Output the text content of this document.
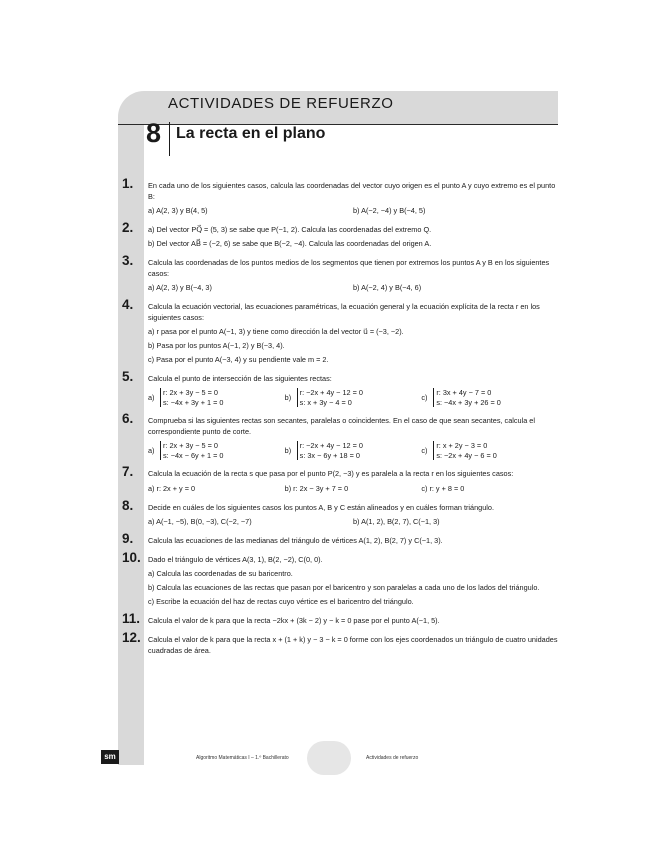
ACTIVIDADES DE REFUERZO
8 La recta en el plano
1.	En cada uno de los siguientes casos, calcula las coordenadas del vector cuyo origen es el punto A y cuyo extremo es el punto B:

a) A(2, 3) y B(4, 5)	b) A(−2, −4) y B(−4, 5)
2.	a) Del vector PQ⃗ = (5, 3) se sabe que P(−1, 2). Calcula las coordenadas del extremo Q.
b) Del vector AB⃗ = (−2, 6) se sabe que B(−2, −4). Calcula las coordenadas del origen A.
3.	Calcula las coordenadas de los puntos medios de los segmentos que tienen por extremos los puntos A y B en los siguientes casos:

a) A(2, 3) y B(−4, 3)	b) A(−2, 4) y B(−4, 6)
4.	Calcula la ecuación vectorial, las ecuaciones paramétricas, la ecuación general y la ecuación explícita de la recta r en los siguientes casos:

a) r pasa por el punto A(−1, 3) y tiene como dirección la del vector u⃗ = (−3, −2).
b) Pasa por los puntos A(−1, 2) y B(−3, 4).
c) Pasa por el punto A(−3, 4) y su pendiente vale m = 2.
5.	Calcula el punto de intersección de las siguientes rectas:

a)
r: 2x + 3y − 5 = 0
s: −4x + 3y + 1 = 0	b)
r: −2x + 4y − 12 = 0
s: x + 3y − 4 = 0	c)
r: 3x + 4y − 7 = 0
s: −4x + 3y + 26 = 0
6.	Comprueba si las siguientes rectas son secantes, paralelas o coincidentes. En el caso de que sean secantes, calcula el correspondiente punto de corte.

a)
r: 2x + 3y − 5 = 0
s: −4x − 6y + 1 = 0	b)
r: −2x + 4y − 12 = 0
s: 3x − 6y + 18 = 0	c)
r: x + 2y − 3 = 0
s: −2x + 4y − 6 = 0
7.	Calcula la ecuación de la recta s que pasa por el punto P(2, −3) y es paralela a la recta r en los siguientes casos:

a) r: 2x + y = 0	b) r: 2x − 3y + 7 = 0	c) r: y + 8 = 0
8.	Decide en cuáles de los siguientes casos los puntos A, B y C están alineados y en cuáles forman triángulo.

a) A(−1, −5), B(0, −3), C(−2, −7)	b) A(1, 2), B(2, 7), C(−1, 3)
9.	Calcula las ecuaciones de las medianas del triángulo de vértices A(1, 2), B(2, 7) y C(−1, 3).

10. Dado el triángulo de vértices A(3, 1), B(2, −2), C(0, 0).

a) Calcula las coordenadas de su baricentro.
b) Calcula las ecuaciones de las rectas que pasan por el baricentro y son paralelas a cada uno de los lados del triángulo.
c) Escribe la ecuación del haz de rectas cuyo vértice es el baricentro del triángulo.
11.	Calcula el valor de k para que la recta −2kx + (3k − 2) y − k = 0 pase por el punto A(−1, 5).

12. Calcula el valor de k para que la recta x + (1 + k) y − 3 − k = 0 forme con los ejes coordenados un triángulo de cuatro unidades cuadradas de área.

sm	Algoritmo Matemáticas I – 1.º Bachillerato	Actividades de refuerzo
